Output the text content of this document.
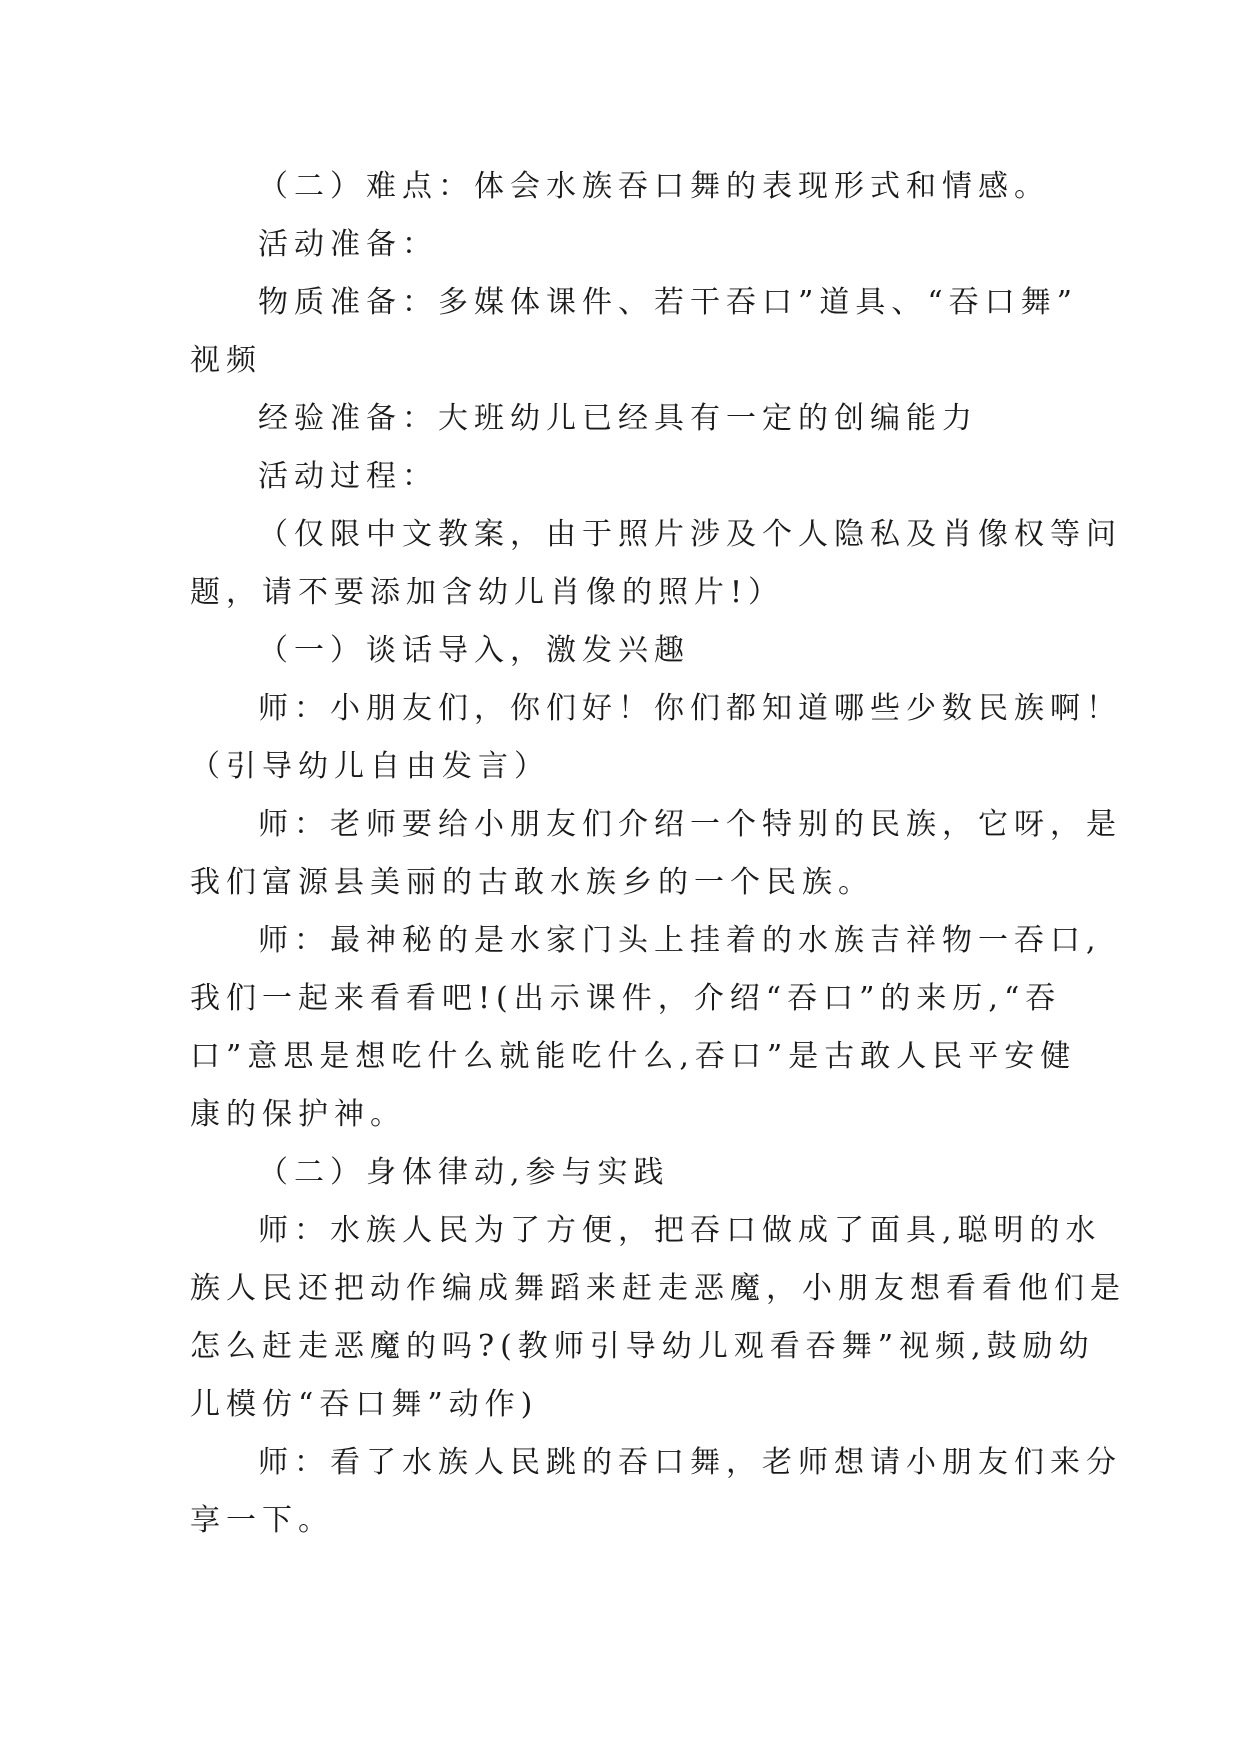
（二）难点：体会水族吞口舞的表现形式和情感。
活动准备：
物质准备：多媒体课件、若干吞口”道具、“吞口舞”
视频
经验准备：大班幼儿已经具有一定的创编能力
活动过程：
（仅限中文教案，由于照片涉及个人隐私及肖像权等问
题，请不要添加含幼儿肖像的照片!）
（一）谈话导入，激发兴趣
师：小朋友们，你们好！你们都知道哪些少数民族啊！
（引导幼儿自由发言）
师：老师要给小朋友们介绍一个特别的民族，它呀，是
我们富源县美丽的古敢水族乡的一个民族。
师：最神秘的是水家门头上挂着的水族吉祥物一吞口,
我们一起来看看吧!(出示课件，介绍“吞口”的来历,“吞
口”意思是想吃什么就能吃什么,吞口”是古敢人民平安健
康的保护神。
（二）身体律动,参与实践
师：水族人民为了方便，把吞口做成了面具,聪明的水
族人民还把动作编成舞蹈来赶走恶魔，小朋友想看看他们是
怎么赶走恶魔的吗?(教师引导幼儿观看吞舞”视频,鼓励幼
儿模仿“吞口舞”动作)
师：看了水族人民跳的吞口舞，老师想请小朋友们来分
享一下。
